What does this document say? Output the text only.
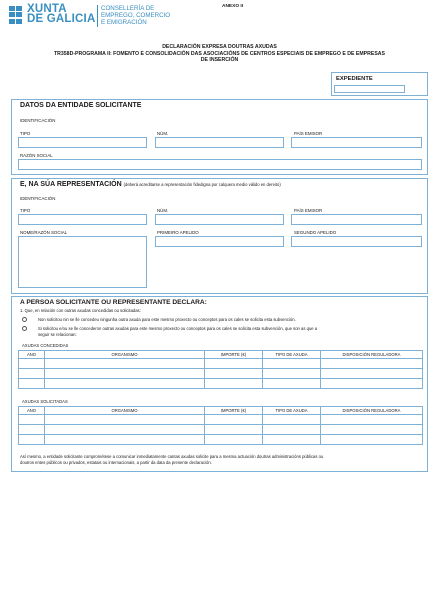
XUNTA
DE GALICIA
CONSELLERÍA DE
EMPREGO, COMERCIO
E EMIGRACIÓN
ANEXO II
DECLARACIÓN EXPRESA DOUTRAS AXUDAS
TR358D-PROGRAMA II: FOMENTO E CONSOLIDACIÓN DAS ASOCIACIÓNS DE CENTROS ESPECIAIS DE EMPREGO E DE EMPRESAS
DE INSERCIÓN
EXPEDIENTE
DATOS DA ENTIDADE SOLICITANTE
IDENTIFICACIÓN
TIPO	NÚM.	PAÍS EMISOR
RAZÓN SOCIAL
E, NA SÚA REPRESENTACIÓN (deberá acreditarse a representación fidedigna por calquera medio válido en dereito)
IDENTIFICACIÓN
TIPO	NÚM.	PAÍS EMISOR
NOME/RAZÓN SOCIAL	PRIMEIRO APELIDO	SEGUNDO APELIDO
A PERSOA SOLICITANTE OU REPRESENTANTE DECLARA:
1. Que, en relación con outras axudas concedidas ou solicitadas:
Non solicitou nin se lle concedeu ningunha outra axuda para este mesmo proxecto ou conceptos para os cales se solicita esta subvención.
Si solicitou e/ou se lle concederon outras axudas para este mesmo proxecto ou conceptos para os cales se solicita esta subvención, que son as que a
seguir se relacionan:
AXUDAS CONCEDIDAS
ANO	ORGANISMO	IMPORTE (€)	TIPO DE AXUDA	DISPOSICIÓN REGULADORA

AXUDAS SOLICITADAS
ANO	ORGANISMO	IMPORTE (€)	TIPO DE AXUDA	DISPOSICIÓN REGULADORA

Así mesmo, a entidade solicitante comprométese a comunicar inmediatamente cantas axudas solicite para a mesma actuación doutras administracións públicas ou
doutros entes públicos ou privados, estatais ou internacionais, a partir da data da presente declaración.
